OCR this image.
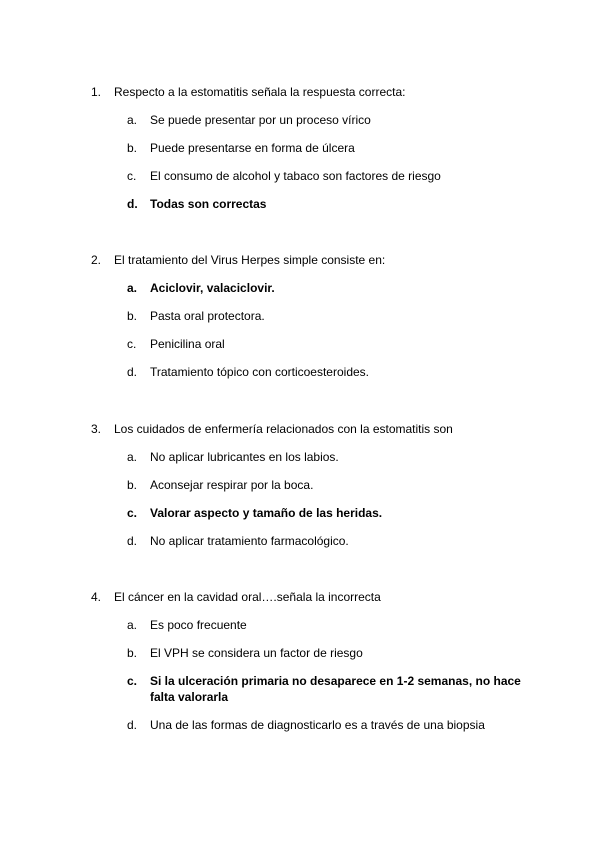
1. Respecto a la estomatitis señala la respuesta correcta:
a. Se puede presentar por un proceso vírico
b. Puede presentarse en forma de úlcera
c. El consumo de alcohol y tabaco son factores de riesgo
d. Todas son correctas
2. El tratamiento del Virus Herpes simple consiste en:
a. Aciclovir, valaciclovir.
b. Pasta oral protectora.
c. Penicilina oral
d. Tratamiento tópico con corticoesteroides.
3. Los cuidados de enfermería relacionados con la estomatitis son
a. No aplicar lubricantes en los labios.
b. Aconsejar respirar por la boca.
c. Valorar aspecto y tamaño de las heridas.
d. No aplicar tratamiento farmacológico.
4. El cáncer en la cavidad oral….señala la incorrecta
a. Es poco frecuente
b. El VPH se considera un factor de riesgo
c. Si la ulceración primaria no desaparece en 1-2 semanas, no hace falta valorarla
d. Una de las formas de diagnosticarlo es a través de una biopsia
